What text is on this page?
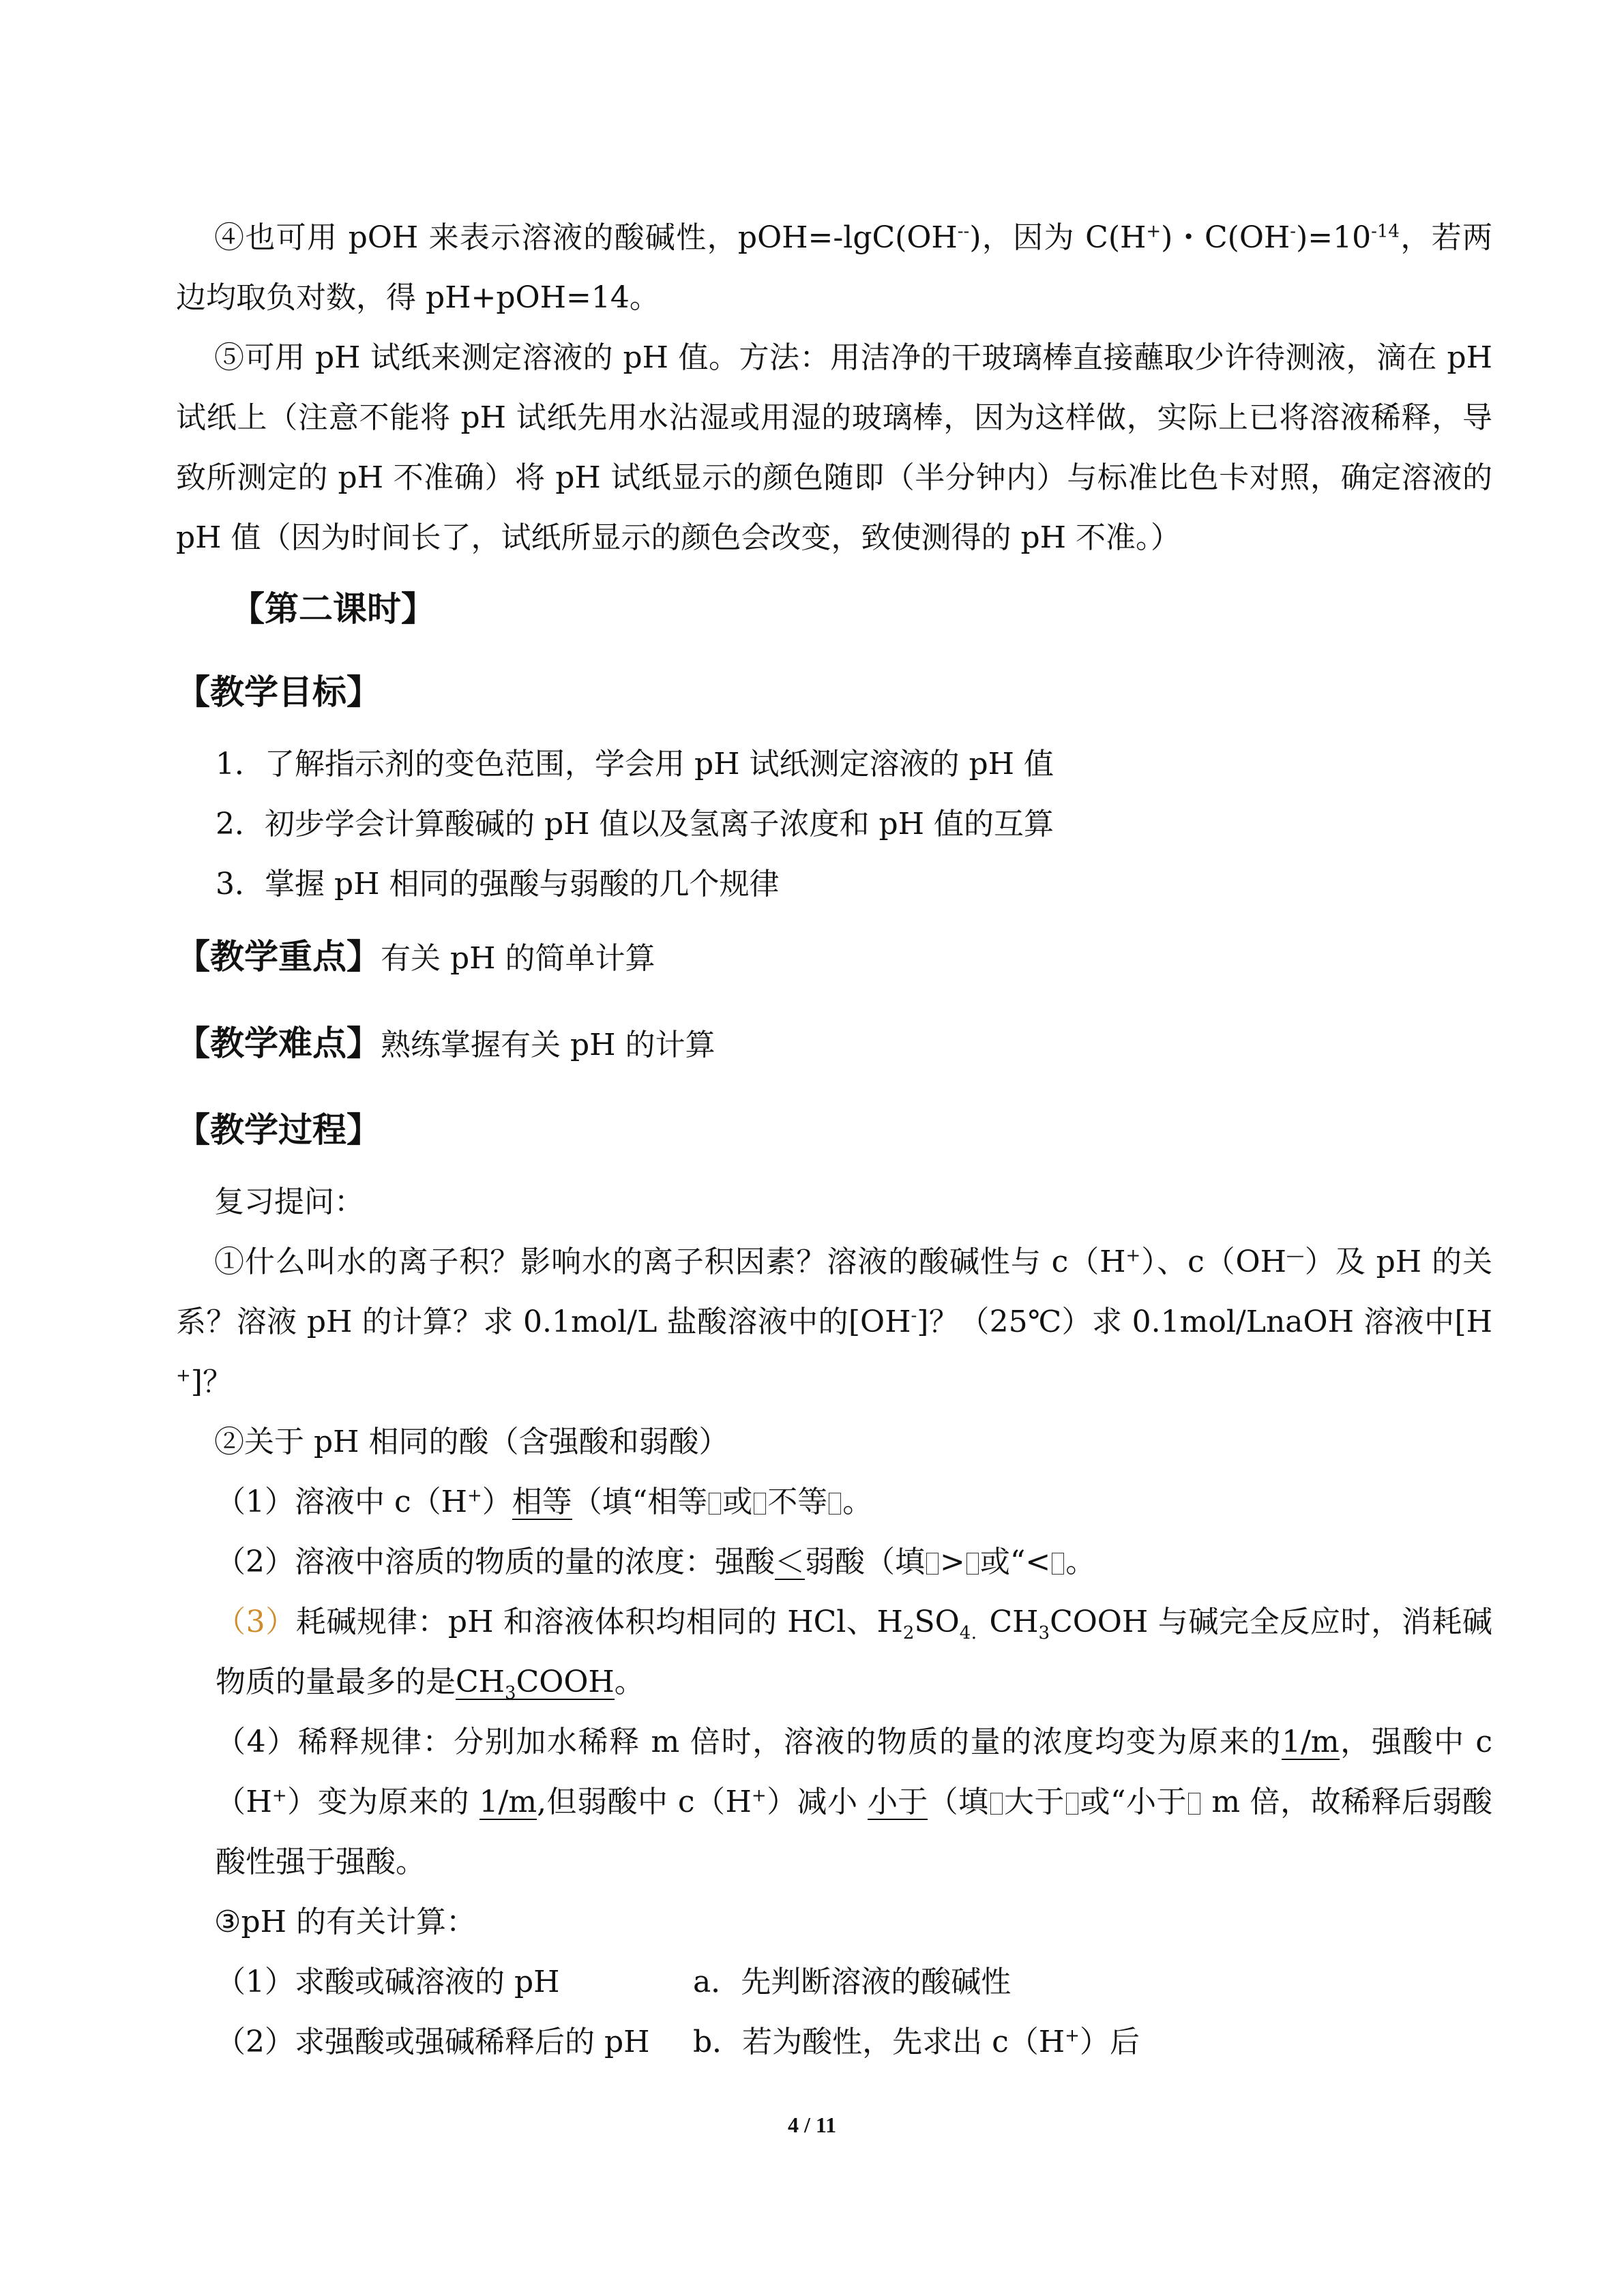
④也可用 pOH 来表示溶液的酸碱性，pOH=-lgC(OH--)，因为 C(H+)・$C(OH^-)=10^{-14}$，若两边均取负对数，得 pH+pOH=14。

⑤可用 pH 试纸来测定溶液的 pH 值。方法：用洁净的干玻璃棒直接蘸取少许待测液，滴在 pH 试纸上（注意不能将 pH 试纸先用水沾湿或用湿的玻璃棒，因为这样做，实际上已将溶液稀释，导致所测定的 pH 不准确）将 pH 试纸显示的颜色随即（半分钟内）与标准比色卡对照，确定溶液的 pH 值（因为时间长了，试纸所显示的颜色会改变，致使测得的 pH 不准。）

【第二课时】

【教学目标】

1．了解指示剂的变色范围，学会用 pH 试纸测定溶液的 pH 值

2．初步学会计算酸碱的 pH 值以及氢离子浓度和 pH 值的互算

3．掌握 pH 相同的强酸与弱酸的几个规律

【教学重点】有关 pH 的简单计算

【教学难点】熟练掌握有关 pH 的计算

【教学过程】

复习提问：

①什么叫水的离子积？影响水的离子积因素？溶液的酸碱性与 c（H+）、c（OH—）及 pH 的关系？溶液 pH 的计算？求 0.1mol/L 盐酸溶液中的[OH-]？（25℃）求 0.1mol/LnaOH 溶液中[H+]？

②关于 pH 相同的酸（含强酸和弱酸）

（1）溶液中 c（H+）相等（填“相等 或 不等 。

（2）溶液中溶质的物质的量的浓度：强酸＜弱酸（填 > 或“< 。

（3）耗碱规律：pH 和溶液体积均相同的 HCl、$H_2SO_{4.}CH_3COOH$ 与碱完全反应时，消耗碱物质的量最多的是$CH_3COOH$。

（4）稀释规律：分别加水稀释 m 倍时，溶液的物质的量的浓度均变为原来的1/m，强酸中 c（H+）变为原来的 1/m,但弱酸中 c（H+）减小 小于（填 大于 或“小于 m 倍，故稀释后弱酸酸性强于强酸。

③pH 的有关计算：

（1）求酸或碱溶液的 pH	a．先判断溶液的酸碱性

（2）求强酸或强碱稀释后的 pH b．若为酸性，先求出 c（H+）后

4 / 11
